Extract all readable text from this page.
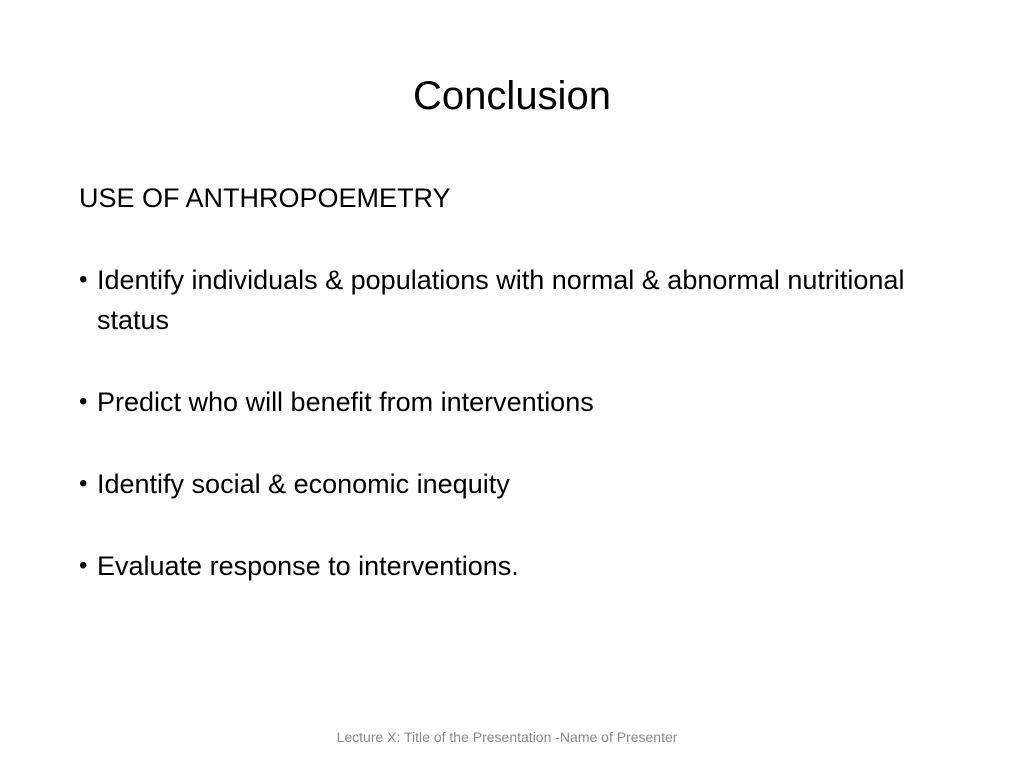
Conclusion

USE OF ANTHROPOEMETRY

• Identify individuals & populations with normal & abnormal nutritional status
• Predict who will benefit from interventions
• Identify social & economic inequity
• Evaluate response to interventions.
Lecture X: Title of the Presentation -Name of Presenter
